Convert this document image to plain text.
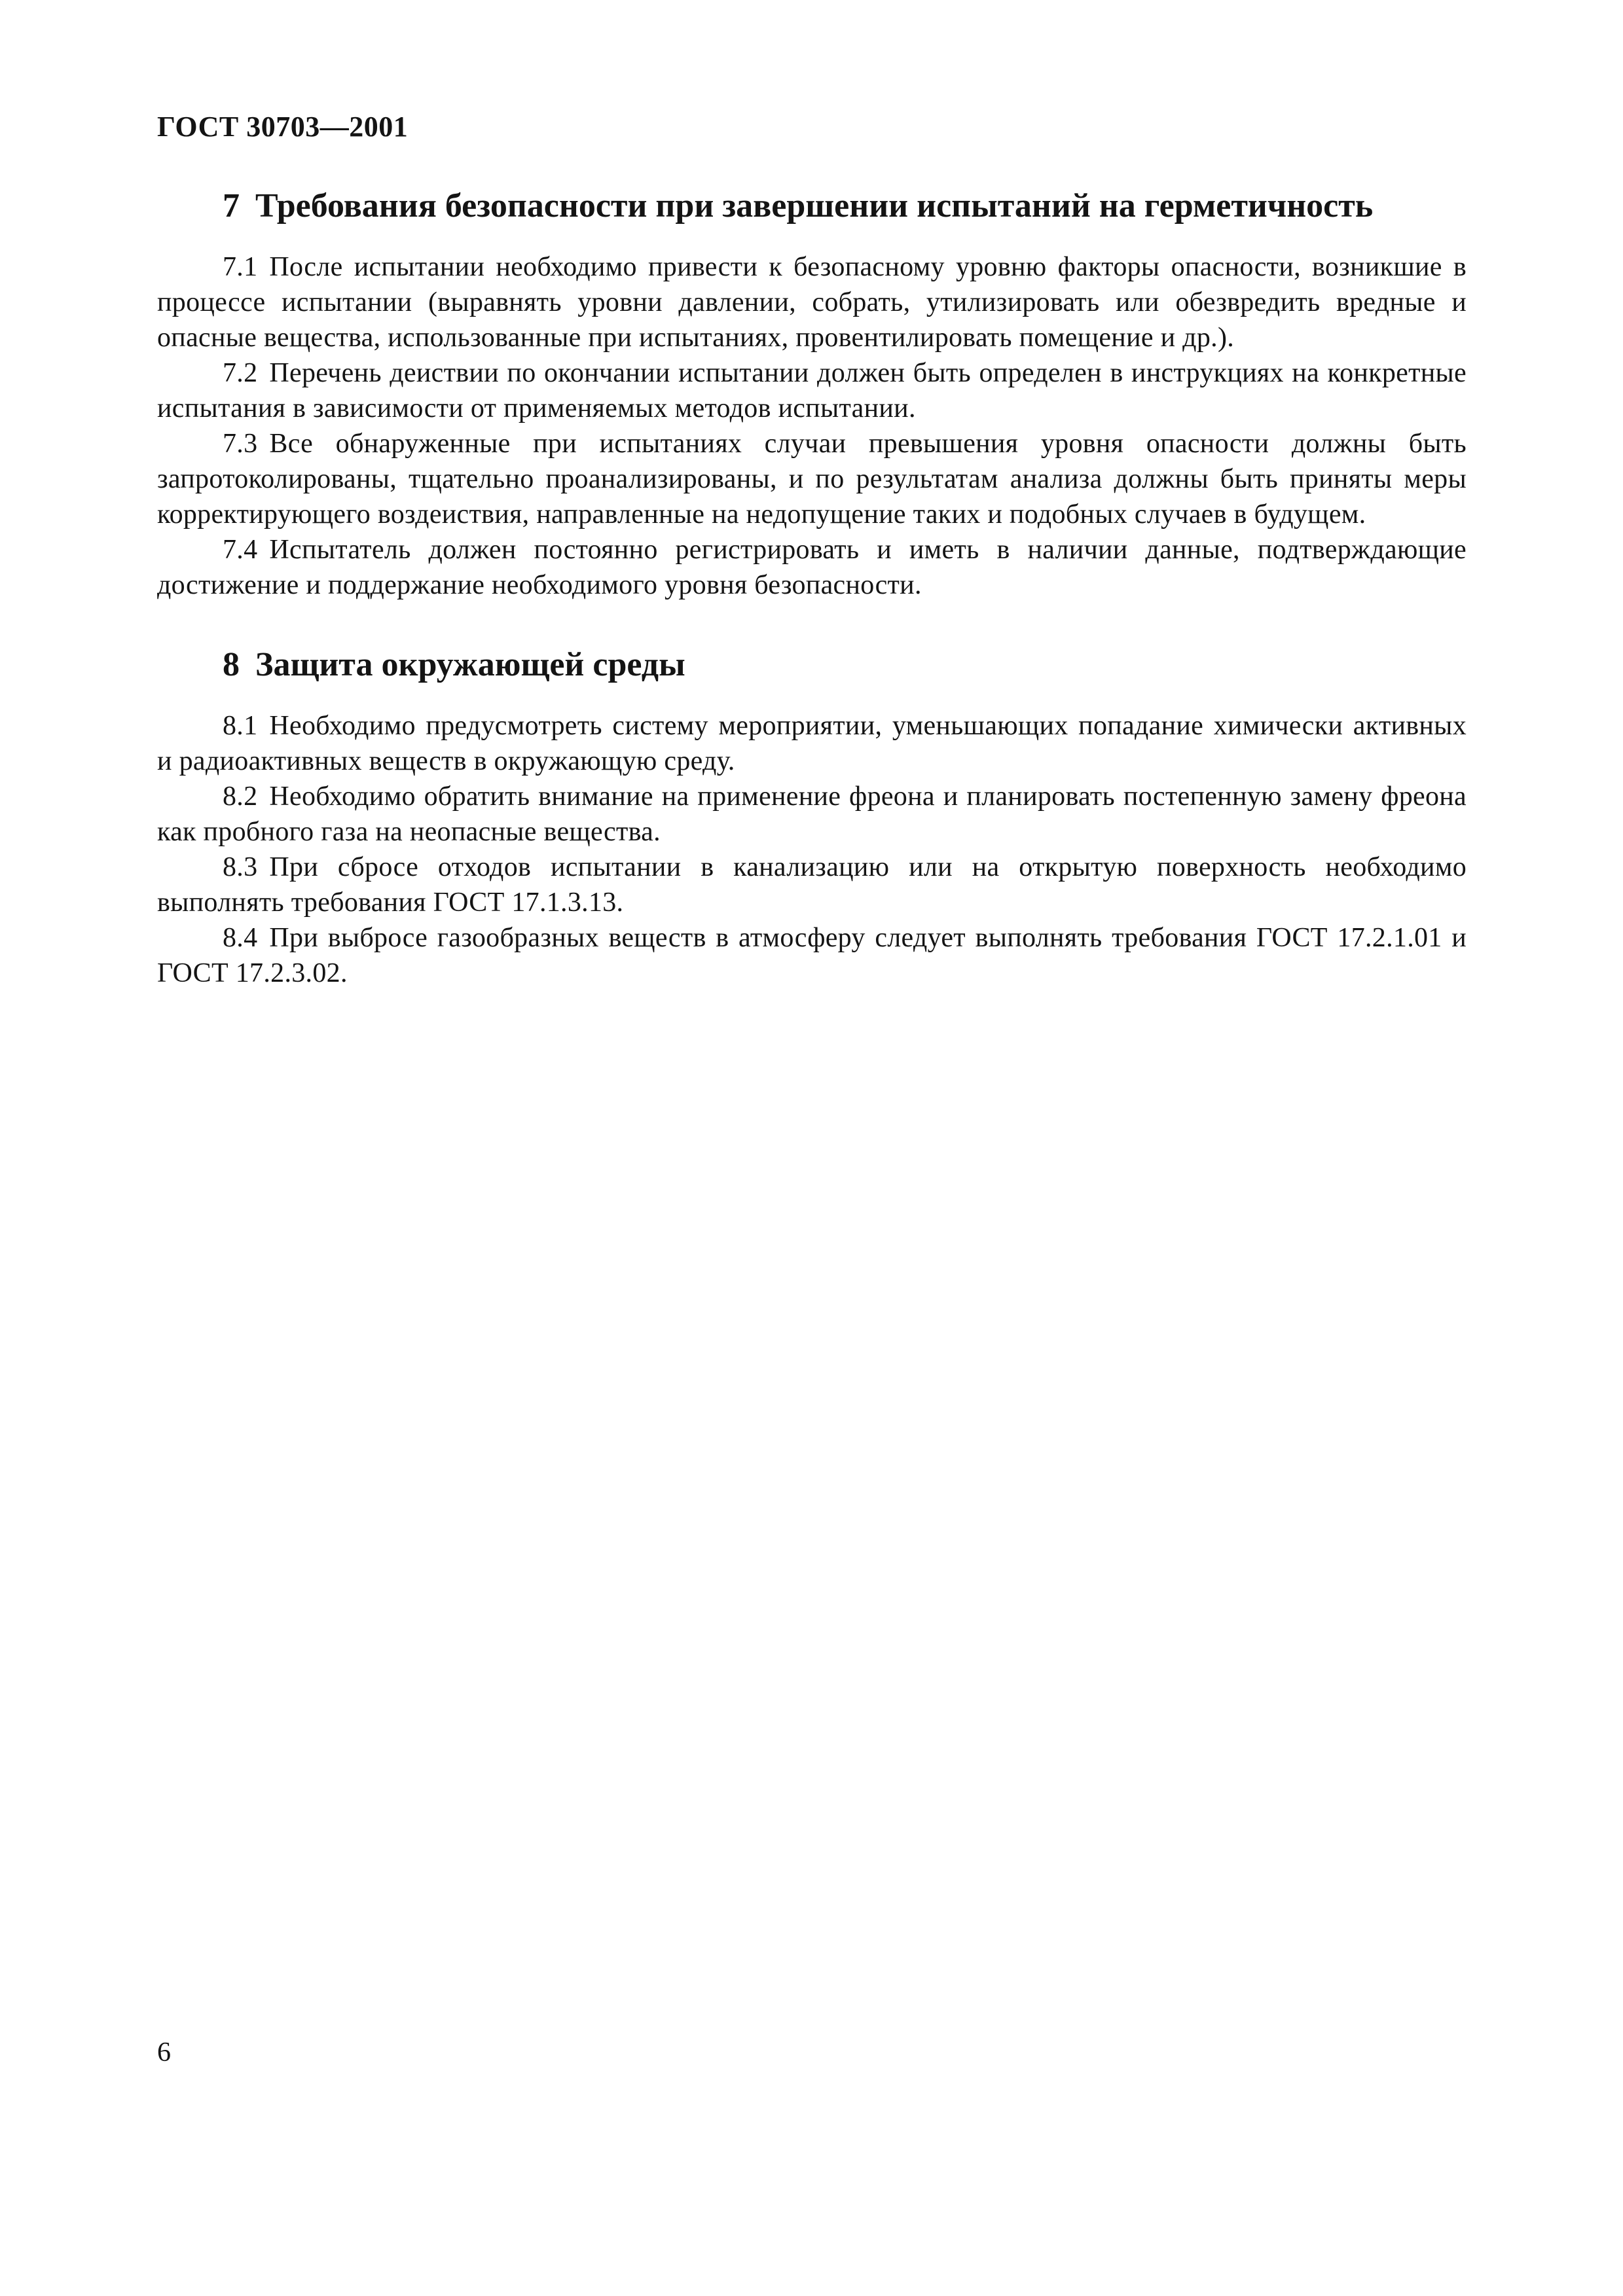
ГОСТ 30703—2001
7 Требования безопасности при завершении испытаний на герметичность

7.1 После испытании необходимо привести к безопасному уровню факторы опасности, возникшие в процессе испытании (выравнять уровни давлении, собрать, утилизировать или обезвредить вредные и опасные вещества, использованные при испытаниях, провентилировать помещение и др.).

7.2 Перечень деиствии по окончании испытании должен быть определен в инструкциях на конкретные испытания в зависимости от применяемых методов испытании.

7.3 Все обнаруженные при испытаниях случаи превышения уровня опасности должны быть запротоколированы, тщательно проанализированы, и по результатам анализа должны быть приняты меры корректирующего воздеиствия, направленные на недопущение таких и подобных случаев в будущем.

7.4 Испытатель должен постоянно регистрировать и иметь в наличии данные, подтверждающие достижение и поддержание необходимого уровня безопасности.

8 Защита окружающей среды

8.1 Необходимо предусмотреть систему мероприятии, уменьшающих попадание химически активных и радиоактивных веществ в окружающую среду.

8.2 Необходимо обратить внимание на применение фреона и планировать постепенную замену фреона как пробного газа на неопасные вещества.

8.3 При сбросе отходов испытании в канализацию или на открытую поверхность необходимо выполнять требования ГОСТ 17.1.3.13.

8.4 При выбросе газообразных веществ в атмосферу следует выполнять требования ГОСТ 17.2.1.01 и ГОСТ 17.2.3.02.

6
